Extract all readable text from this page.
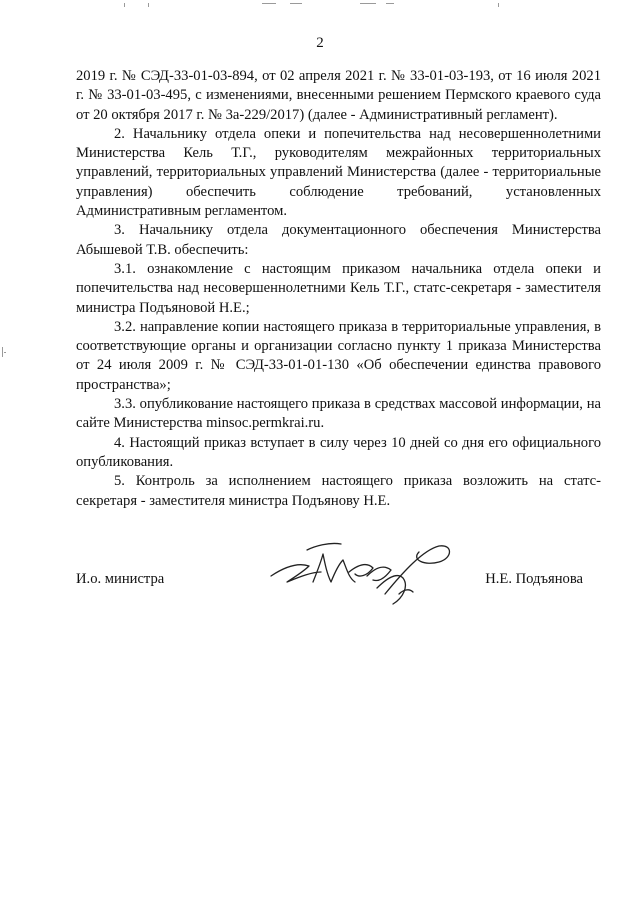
2

2019 г. № СЭД-33-01-03-894, от 02 апреля 2021 г. № 33-01-03-193, от 16 июля 2021 г. № 33-01-03-495, с изменениями, внесенными решением Пермского краевого суда от 20 октября 2017 г. № 3а-229/2017) (далее - Административный регламент).

2. Начальнику отдела опеки и попечительства над несовершеннолетними Министерства Кель Т.Г., руководителям межрайонных территориальных управлений, территориальных управлений Министерства (далее - территориальные управления) обеспечить соблюдение требований, установленных Административным регламентом.

3. Начальнику отдела документационного обеспечения Министерства Абышевой Т.В. обеспечить:

3.1. ознакомление с настоящим приказом начальника отдела опеки и попечительства над несовершеннолетними Кель Т.Г., статс-секретаря - заместителя министра Подъяновой Н.Е.;

3.2. направление копии настоящего приказа в территориальные управления, в соответствующие органы и организации согласно пункту 1 приказа Министерства от 24 июля 2009 г. № СЭД-33-01-01-130 «Об обеспечении единства правового пространства»;

3.3. опубликование настоящего приказа в средствах массовой информации, на сайте Министерства minsoc.permkrai.ru.

4. Настоящий приказ вступает в силу через 10 дней со дня его официального опубликования.

5. Контроль за исполнением настоящего приказа возложить на статс-секретаря - заместителя министра Подъянову Н.Е.

И.о. министра	Н.Е. Подъянова
